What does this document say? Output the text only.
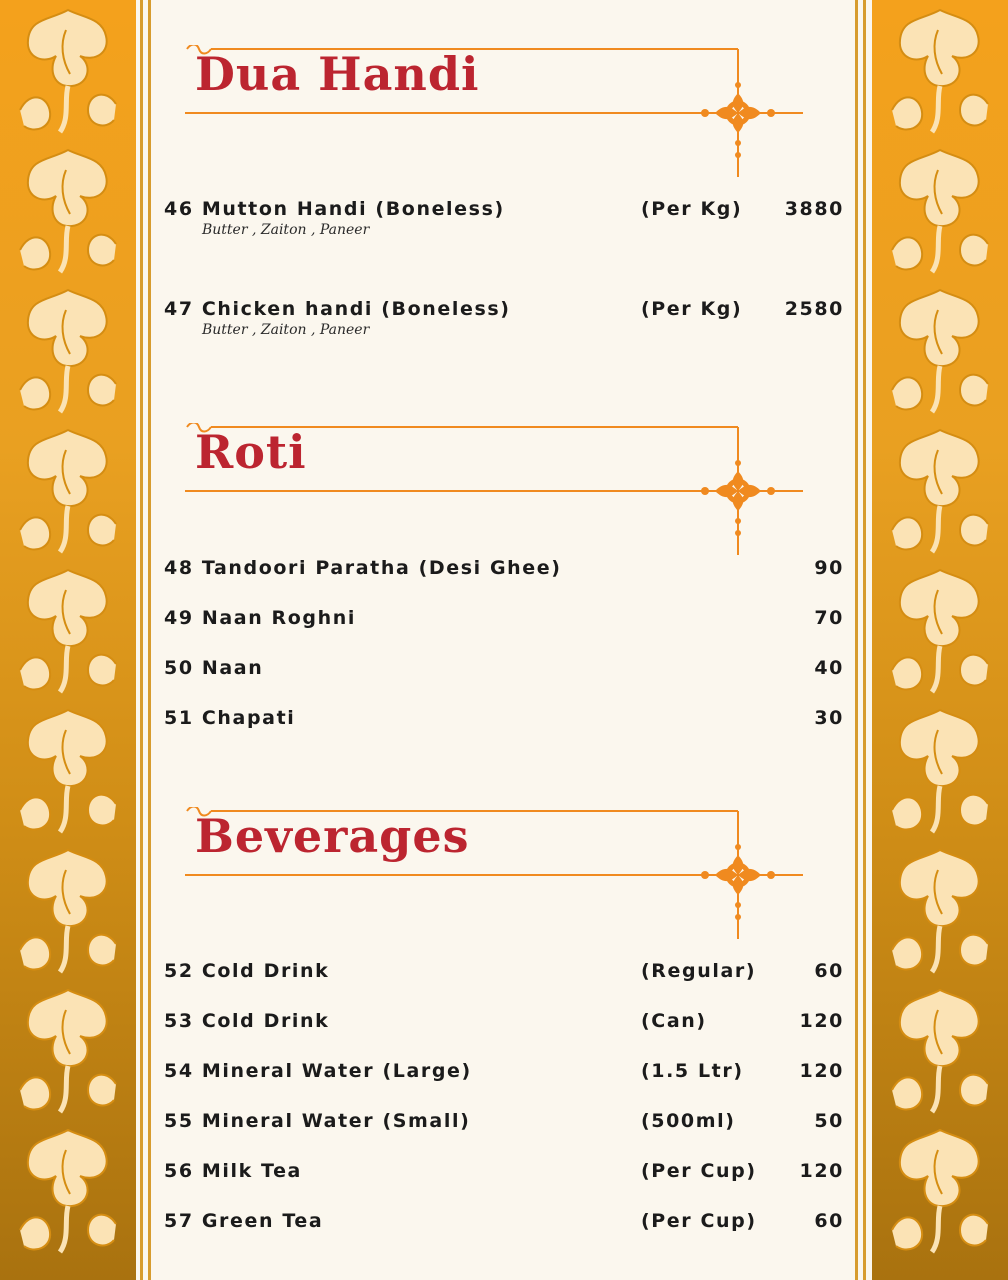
Dua Handi
46 Mutton Handi (Boneless)	(Per Kg) 3880
Butter , Zaiton , Paneer
47 Chicken handi (Boneless)	(Per Kg) 2580
Butter , Zaiton , Paneer
Roti
48 Tandoori Paratha (Desi Ghee)	90
49 Naan Roghni	70
50 Naan	40
51 Chapati	30
Beverages
52 Cold Drink	(Regular)	60
53 Cold Drink	(Can)	120
54 Mineral Water (Large)	(1.5 Ltr)	120
55 Mineral Water (Small)	(500ml)	50
56 Milk Tea	(Per Cup) 120
57 Green Tea	(Per Cup)	60
